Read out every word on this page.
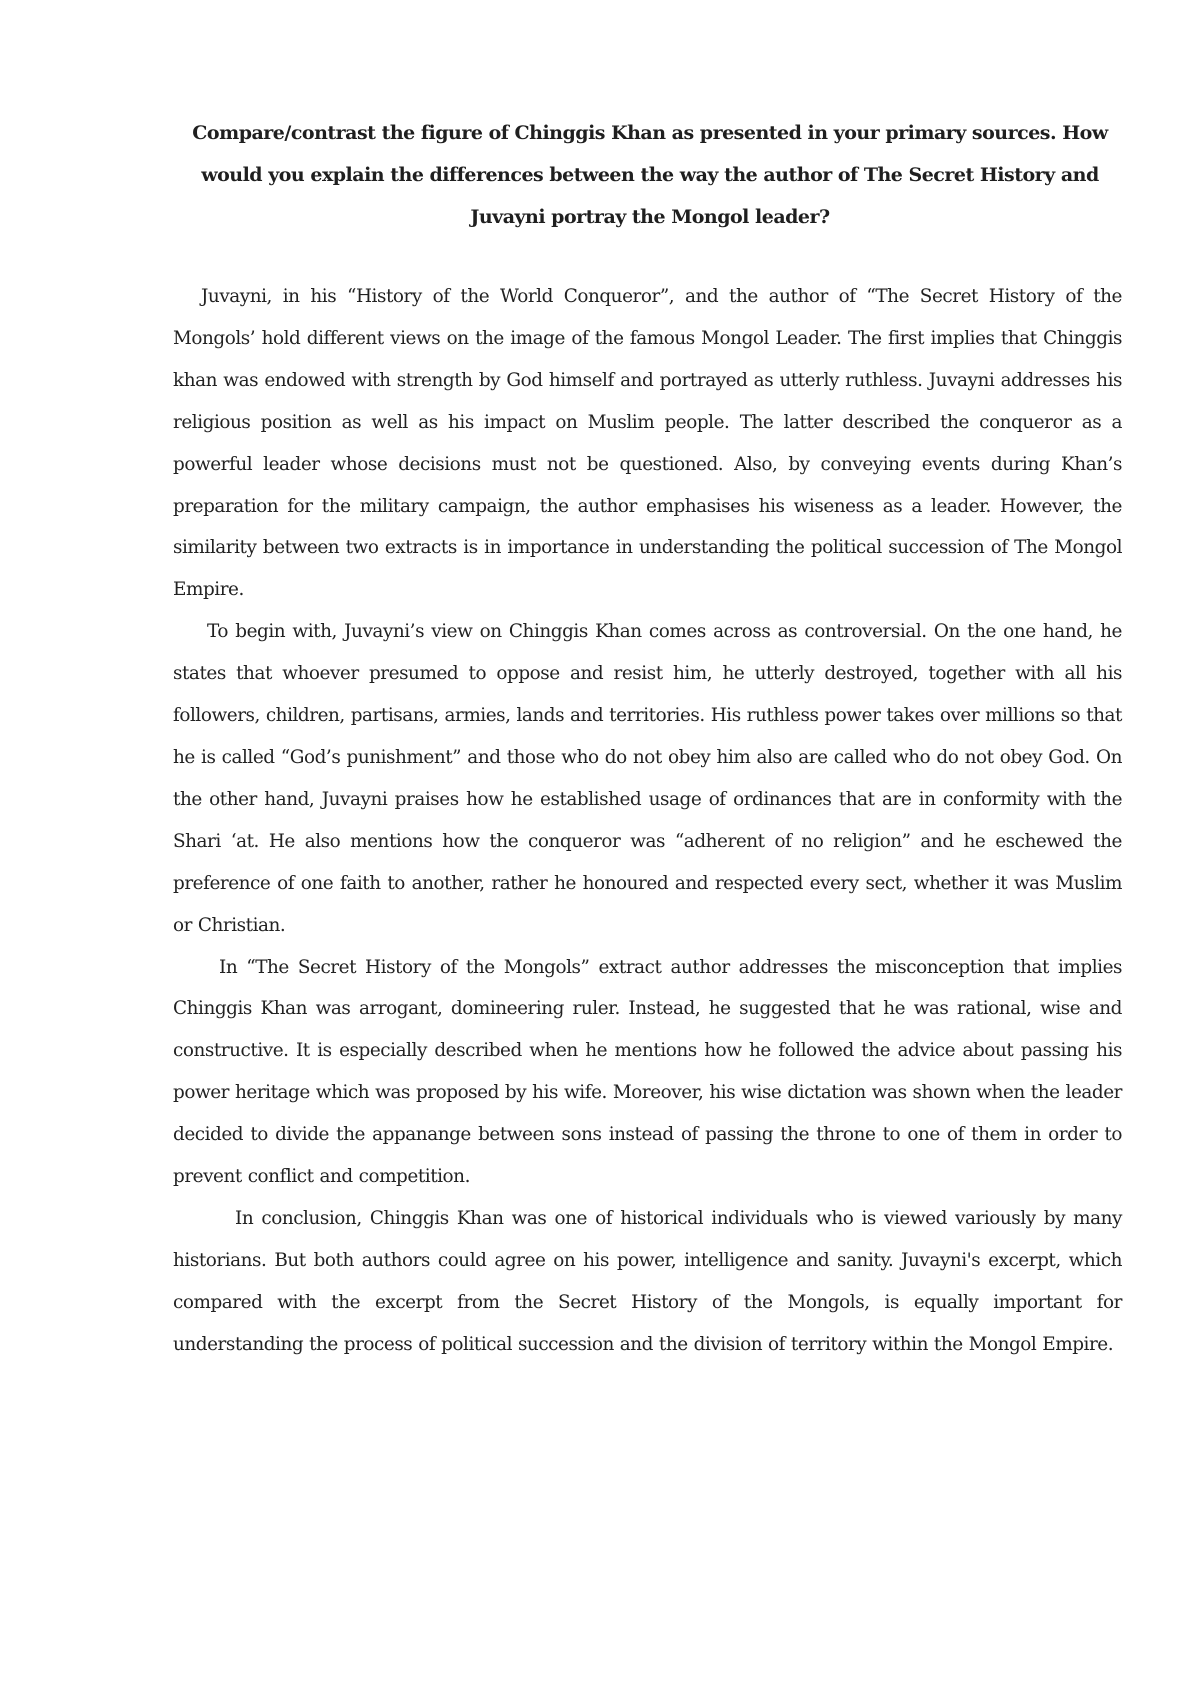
Compare/contrast the figure of Chinggis Khan as presented in your primary sources. How would you explain the differences between the way the author of The Secret History and Juvayni portray the Mongol leader?

Juvayni, in his “History of the World Conqueror”, and the author of “The Secret History of the Mongols’ hold different views on the image of the famous Mongol Leader. The first implies that Chinggis khan was endowed with strength by God himself and portrayed as utterly ruthless. Juvayni addresses his religious position as well as his impact on Muslim people. The latter described the conqueror as a powerful leader whose decisions must not be questioned. Also, by conveying events during Khan’s preparation for the military campaign, the author emphasises his wiseness as a leader. However, the similarity between two extracts is in importance in understanding the political succession of The Mongol Empire.

To begin with, Juvayni’s view on Chinggis Khan comes across as controversial. On the one hand, he states that whoever presumed to oppose and resist him, he utterly destroyed, together with all his followers, children, partisans, armies, lands and territories. His ruthless power takes over millions so that he is called “God’s punishment” and those who do not obey him also are called who do not obey God. On the other hand, Juvayni praises how he established usage of ordinances that are in conformity with the Shari ‘at. He also mentions how the conqueror was “adherent of no religion” and he eschewed the preference of one faith to another, rather he honoured and respected every sect, whether it was Muslim or Christian.

In “The Secret History of the Mongols” extract author addresses the misconception that implies Chinggis Khan was arrogant, domineering ruler. Instead, he suggested that he was rational, wise and constructive. It is especially described when he mentions how he followed the advice about passing his power heritage which was proposed by his wife. Moreover, his wise dictation was shown when the leader decided to divide the appanange between sons instead of passing the throne to one of them in order to prevent conflict and competition.

In conclusion, Chinggis Khan was one of historical individuals who is viewed variously by many historians. But both authors could agree on his power, intelligence and sanity. Juvayni's excerpt, which compared with the excerpt from the Secret History of the Mongols, is equally important for understanding the process of political succession and the division of territory within the Mongol Empire.
